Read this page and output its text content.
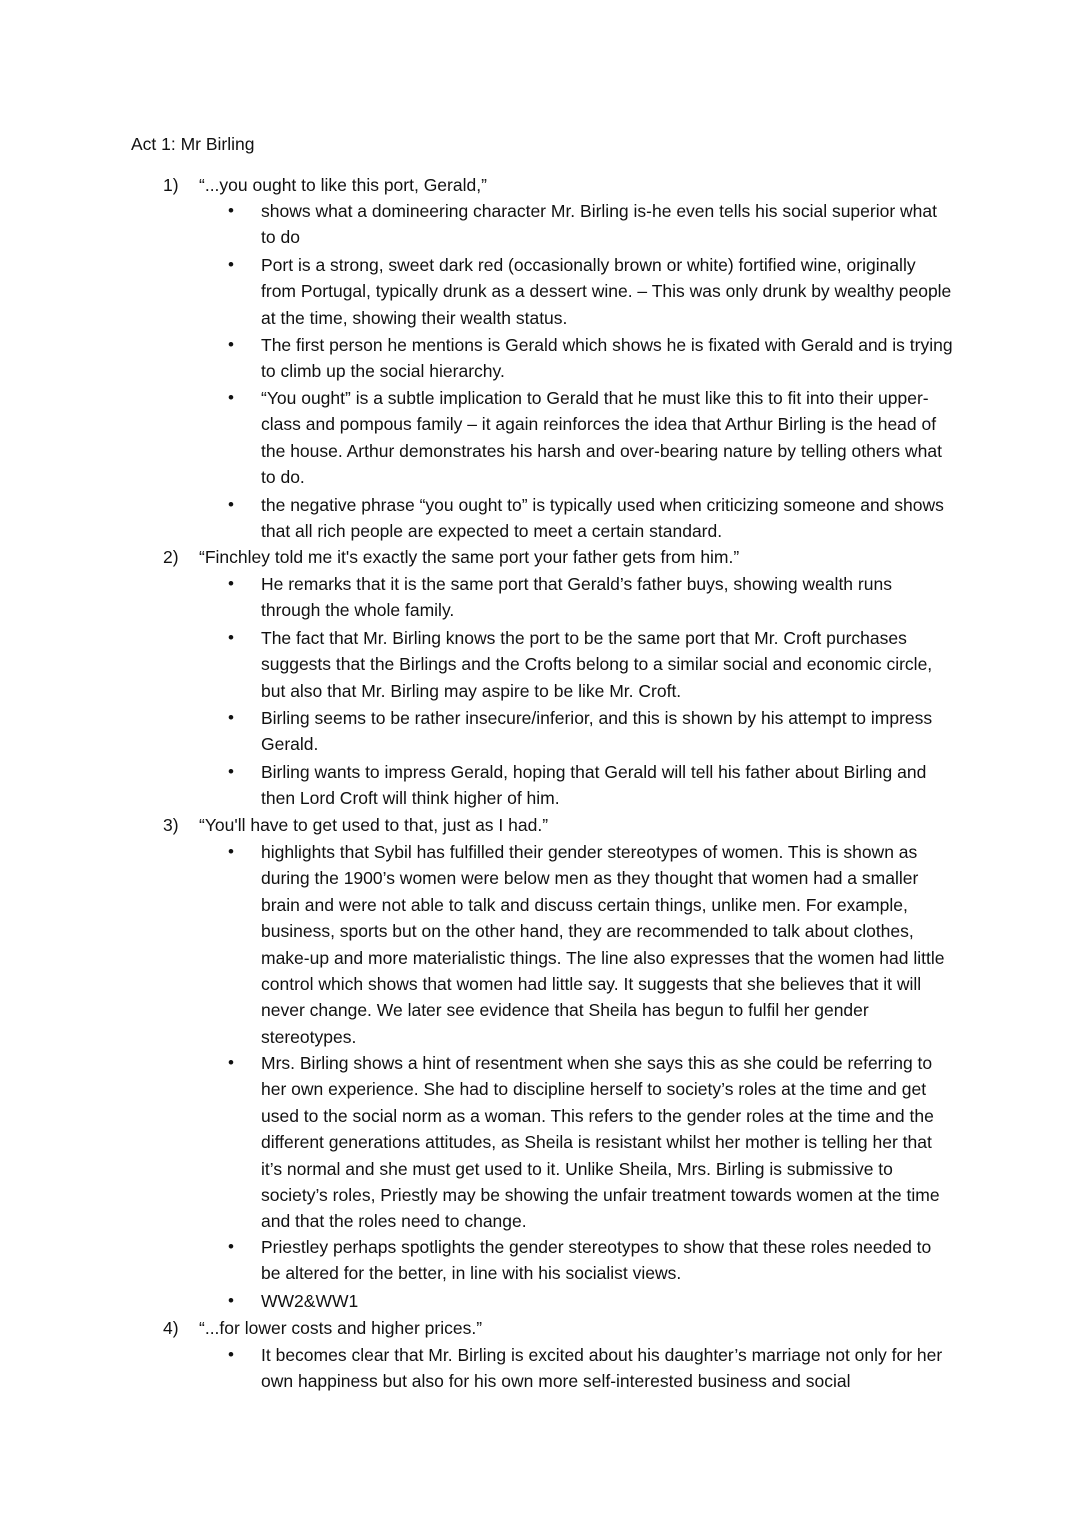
Act 1: Mr Birling
1) “...you ought to like this port, Gerald,”
•	shows what a domineering character Mr. Birling is-he even tells his social superior what to do
•	Port is a strong, sweet dark red (occasionally brown or white) fortified wine, originally from Portugal, typically drunk as a dessert wine. – This was only drunk by wealthy people at the time, showing their wealth status.
•	The first person he mentions is Gerald which shows he is fixated with Gerald and is trying to climb up the social hierarchy.
•	“You ought” is a subtle implication to Gerald that he must like this to fit into their upper-class and pompous family – it again reinforces the idea that Arthur Birling is the head of the house. Arthur demonstrates his harsh and over-bearing nature by telling others what to do.
•	the negative phrase “you ought to” is typically used when criticizing someone and shows that all rich people are expected to meet a certain standard.
2) “Finchley told me it's exactly the same port your father gets from him.”
•	He remarks that it is the same port that Gerald’s father buys, showing wealth runs through the whole family.
•	The fact that Mr. Birling knows the port to be the same port that Mr. Croft purchases suggests that the Birlings and the Crofts belong to a similar social and economic circle, but also that Mr. Birling may aspire to be like Mr. Croft.
•	Birling seems to be rather insecure/inferior, and this is shown by his attempt to impress Gerald.
•	Birling wants to impress Gerald, hoping that Gerald will tell his father about Birling and then Lord Croft will think higher of him.
3) “You'll have to get used to that, just as I had.”
•	highlights that Sybil has fulfilled their gender stereotypes of women. This is shown as during the 1900’s women were below men as they thought that women had a smaller brain and were not able to talk and discuss certain things, unlike men. For example, business, sports but on the other hand, they are recommended to talk about clothes, make-up and more materialistic things. The line also expresses that the women had little control which shows that women had little say. It suggests that she believes that it will never change. We later see evidence that Sheila has begun to fulfil her gender stereotypes.
•	Mrs. Birling shows a hint of resentment when she says this as she could be referring to her own experience. She had to discipline herself to society’s roles at the time and get used to the social norm as a woman. This refers to the gender roles at the time and the different generations attitudes, as Sheila is resistant whilst her mother is telling her that it’s normal and she must get used to it. Unlike Sheila, Mrs. Birling is submissive to society’s roles, Priestly may be showing the unfair treatment towards women at the time and that the roles need to change.
•	Priestley perhaps spotlights the gender stereotypes to show that these roles needed to be altered for the better, in line with his socialist views.
•	WW2&WW1
4) “...for lower costs and higher prices.”
•	It becomes clear that Mr. Birling is excited about his daughter’s marriage not only for her own happiness but also for his own more self-interested business and social
